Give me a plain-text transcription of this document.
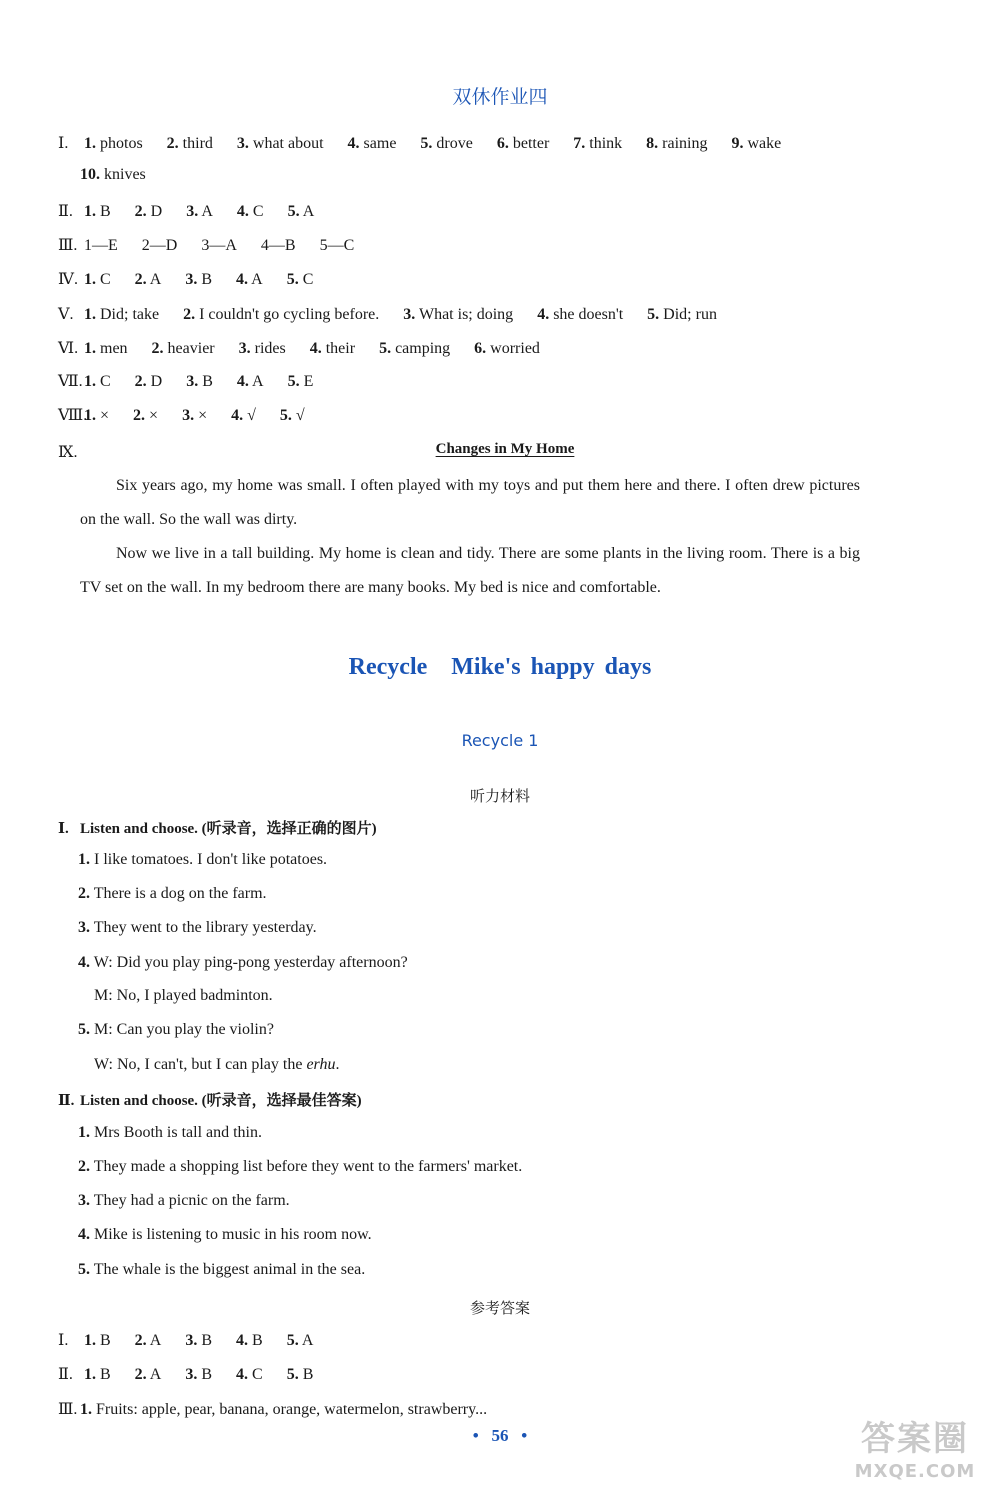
双休作业四
Ⅰ. 1. photos 2. third 3. what about 4. same 5. drove 6. better 7. think 8. raining 9. wake
10. knives
Ⅱ. 1. B 2. D 3. A 4. C 5. A
Ⅲ. 1—E 2—D 3—A 4—B 5—C
Ⅳ. 1. C 2. A 3. B 4. A 5. C
Ⅴ. 1. Did; take 2. I couldn't go cycling before. 3. What is; doing 4. she doesn't 5. Did; run
Ⅵ. 1. men 2. heavier 3. rides 4. their 5. camping 6. worried
Ⅶ. 1. C 2. D 3. B 4. A 5. E
Ⅷ. 1. × 2. × 3. × 4. √ 5. √
Ⅸ.	Changes in My Home
Six years ago, my home was small. I often played with my toys and put them here and there. I often drew pictures on the wall. So the wall was dirty.
Now we live in a tall building. My home is clean and tidy. There are some plants in the living room. There is a big TV set on the wall. In my bedroom there are many books. My bed is nice and comfortable.
Recycle Mike's happy days
Recycle 1
听力材料
Ⅰ. Listen and choose. (听录音，选择正确的图片)
1. I like tomatoes. I don't like potatoes.
2. There is a dog on the farm.
3. They went to the library yesterday.
4. W: Did you play ping-pong yesterday afternoon?
M: No, I played badminton.
5. M: Can you play the violin?
W: No, I can't, but I can play the erhu.
Ⅱ. Listen and choose. (听录音，选择最佳答案)
1. Mrs Booth is tall and thin.
2. They made a shopping list before they went to the farmers' market.
3. They had a picnic on the farm.
4. Mike is listening to music in his room now.
5. The whale is the biggest animal in the sea.
参考答案
Ⅰ. 1. B 2. A 3. B 4. B 5. A
Ⅱ. 1. B 2. A 3. B 4. C 5. B
Ⅲ. 1. Fruits: apple, pear, banana, orange, watermelon, strawberry...
• 56 •	答案圈
MXQE.COM
